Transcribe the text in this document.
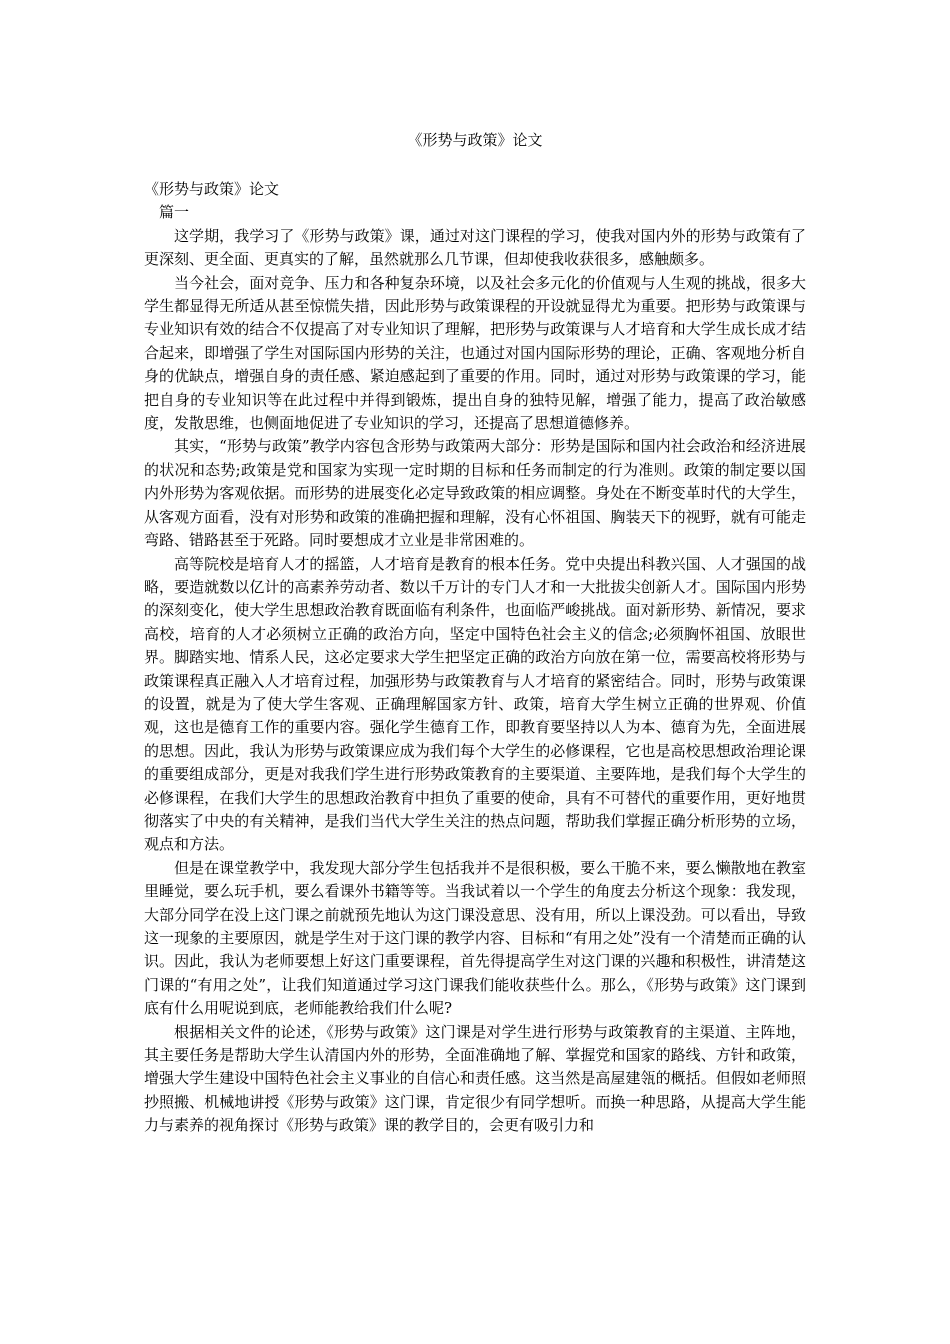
《形势与政策》论文

《形势与政策》论文

篇一

这学期，我学习了《形势与政策》课，通过对这门课程的学习，使我对国内外的形势与政策有了更深刻、更全面、更真实的了解，虽然就那么几节课，但却使我收获很多，感触颇多。

当今社会，面对竞争、压力和各种复杂环境，以及社会多元化的价值观与人生观的挑战，很多大学生都显得无所适从甚至惊慌失措，因此形势与政策课程的开设就显得尤为重要。把形势与政策课与专业知识有效的结合不仅提高了对专业知识了理解，把形势与政策课与人才培育和大学生成长成才结合起来，即增强了学生对国际国内形势的关注，也通过对国内国际形势的理论，正确、客观地分析自身的优缺点，增强自身的责任感、紧迫感起到了重要的作用。同时，通过对形势与政策课的学习，能把自身的专业知识等在此过程中并得到锻炼，提出自身的独特见解，增强了能力，提高了政治敏感度，发散思维，也侧面地促进了专业知识的学习，还提高了思想道德修养。

其实，“形势与政策”教学内容包含形势与政策两大部分：形势是国际和国内社会政治和经济进展的状况和态势;政策是党和国家为实现一定时期的目标和任务而制定的行为准则。政策的制定要以国内外形势为客观依据。而形势的进展变化必定导致政策的相应调整。身处在不断变革时代的大学生，从客观方面看，没有对形势和政策的准确把握和理解，没有心怀祖国、胸装天下的视野，就有可能走弯路、错路甚至于死路。同时要想成才立业是非常困难的。

高等院校是培育人才的摇篮，人才培育是教育的根本任务。党中央提出科教兴国、人才强国的战略，要造就数以亿计的高素养劳动者、数以千万计的专门人才和一大批拔尖创新人才。国际国内形势的深刻变化，使大学生思想政治教育既面临有利条件，也面临严峻挑战。面对新形势、新情况，要求高校，培育的人才必须树立正确的政治方向，坚定中国特色社会主义的信念;必须胸怀祖国、放眼世界。脚踏实地、情系人民，这必定要求大学生把坚定正确的政治方向放在第一位，需要高校将形势与政策课程真正融入人才培育过程，加强形势与政策教育与人才培育的紧密结合。同时，形势与政策课的设置，就是为了使大学生客观、正确理解国家方针、政策，培育大学生树立正确的世界观、价值观，这也是德育工作的重要内容。强化学生德育工作，即教育要坚持以人为本、德育为先，全面进展的思想。因此，我认为形势与政策课应成为我们每个大学生的必修课程，它也是高校思想政治理论课的重要组成部分，更是对我我们学生进行形势政策教育的主要渠道、主要阵地，是我们每个大学生的必修课程，在我们大学生的思想政治教育中担负了重要的使命，具有不可替代的重要作用，更好地贯彻落实了中央的有关精神，是我们当代大学生关注的热点问题，帮助我们掌握正确分析形势的立场，观点和方法。

但是在课堂教学中，我发现大部分学生包括我并不是很积极，要么干脆不来，要么懒散地在教室里睡觉，要么玩手机，要么看课外书籍等等。当我试着以一个学生的角度去分析这个现象：我发现，大部分同学在没上这门课之前就预先地认为这门课没意思、没有用，所以上课没劲。可以看出，导致这一现象的主要原因，就是学生对于这门课的教学内容、目标和“有用之处”没有一个清楚而正确的认识。因此，我认为老师要想上好这门重要课程，首先得提高学生对这门课的兴趣和积极性，讲清楚这门课的“有用之处”，让我们知道通过学习这门课我们能收获些什么。那么，《形势与政策》这门课到底有什么用呢说到底，老师能教给我们什么呢?

根据相关文件的论述，《形势与政策》这门课是对学生进行形势与政策教育的主渠道、主阵地，其主要任务是帮助大学生认清国内外的形势，全面准确地了解、掌握党和国家的路线、方针和政策，增强大学生建设中国特色社会主义事业的自信心和责任感。这当然是高屋建瓴的概括。但假如老师照抄照搬、机械地讲授《形势与政策》这门课，肯定很少有同学想听。而换一种思路，从提高大学生能力与素养的视角探讨《形势与政策》课的教学目的，会更有吸引力和
